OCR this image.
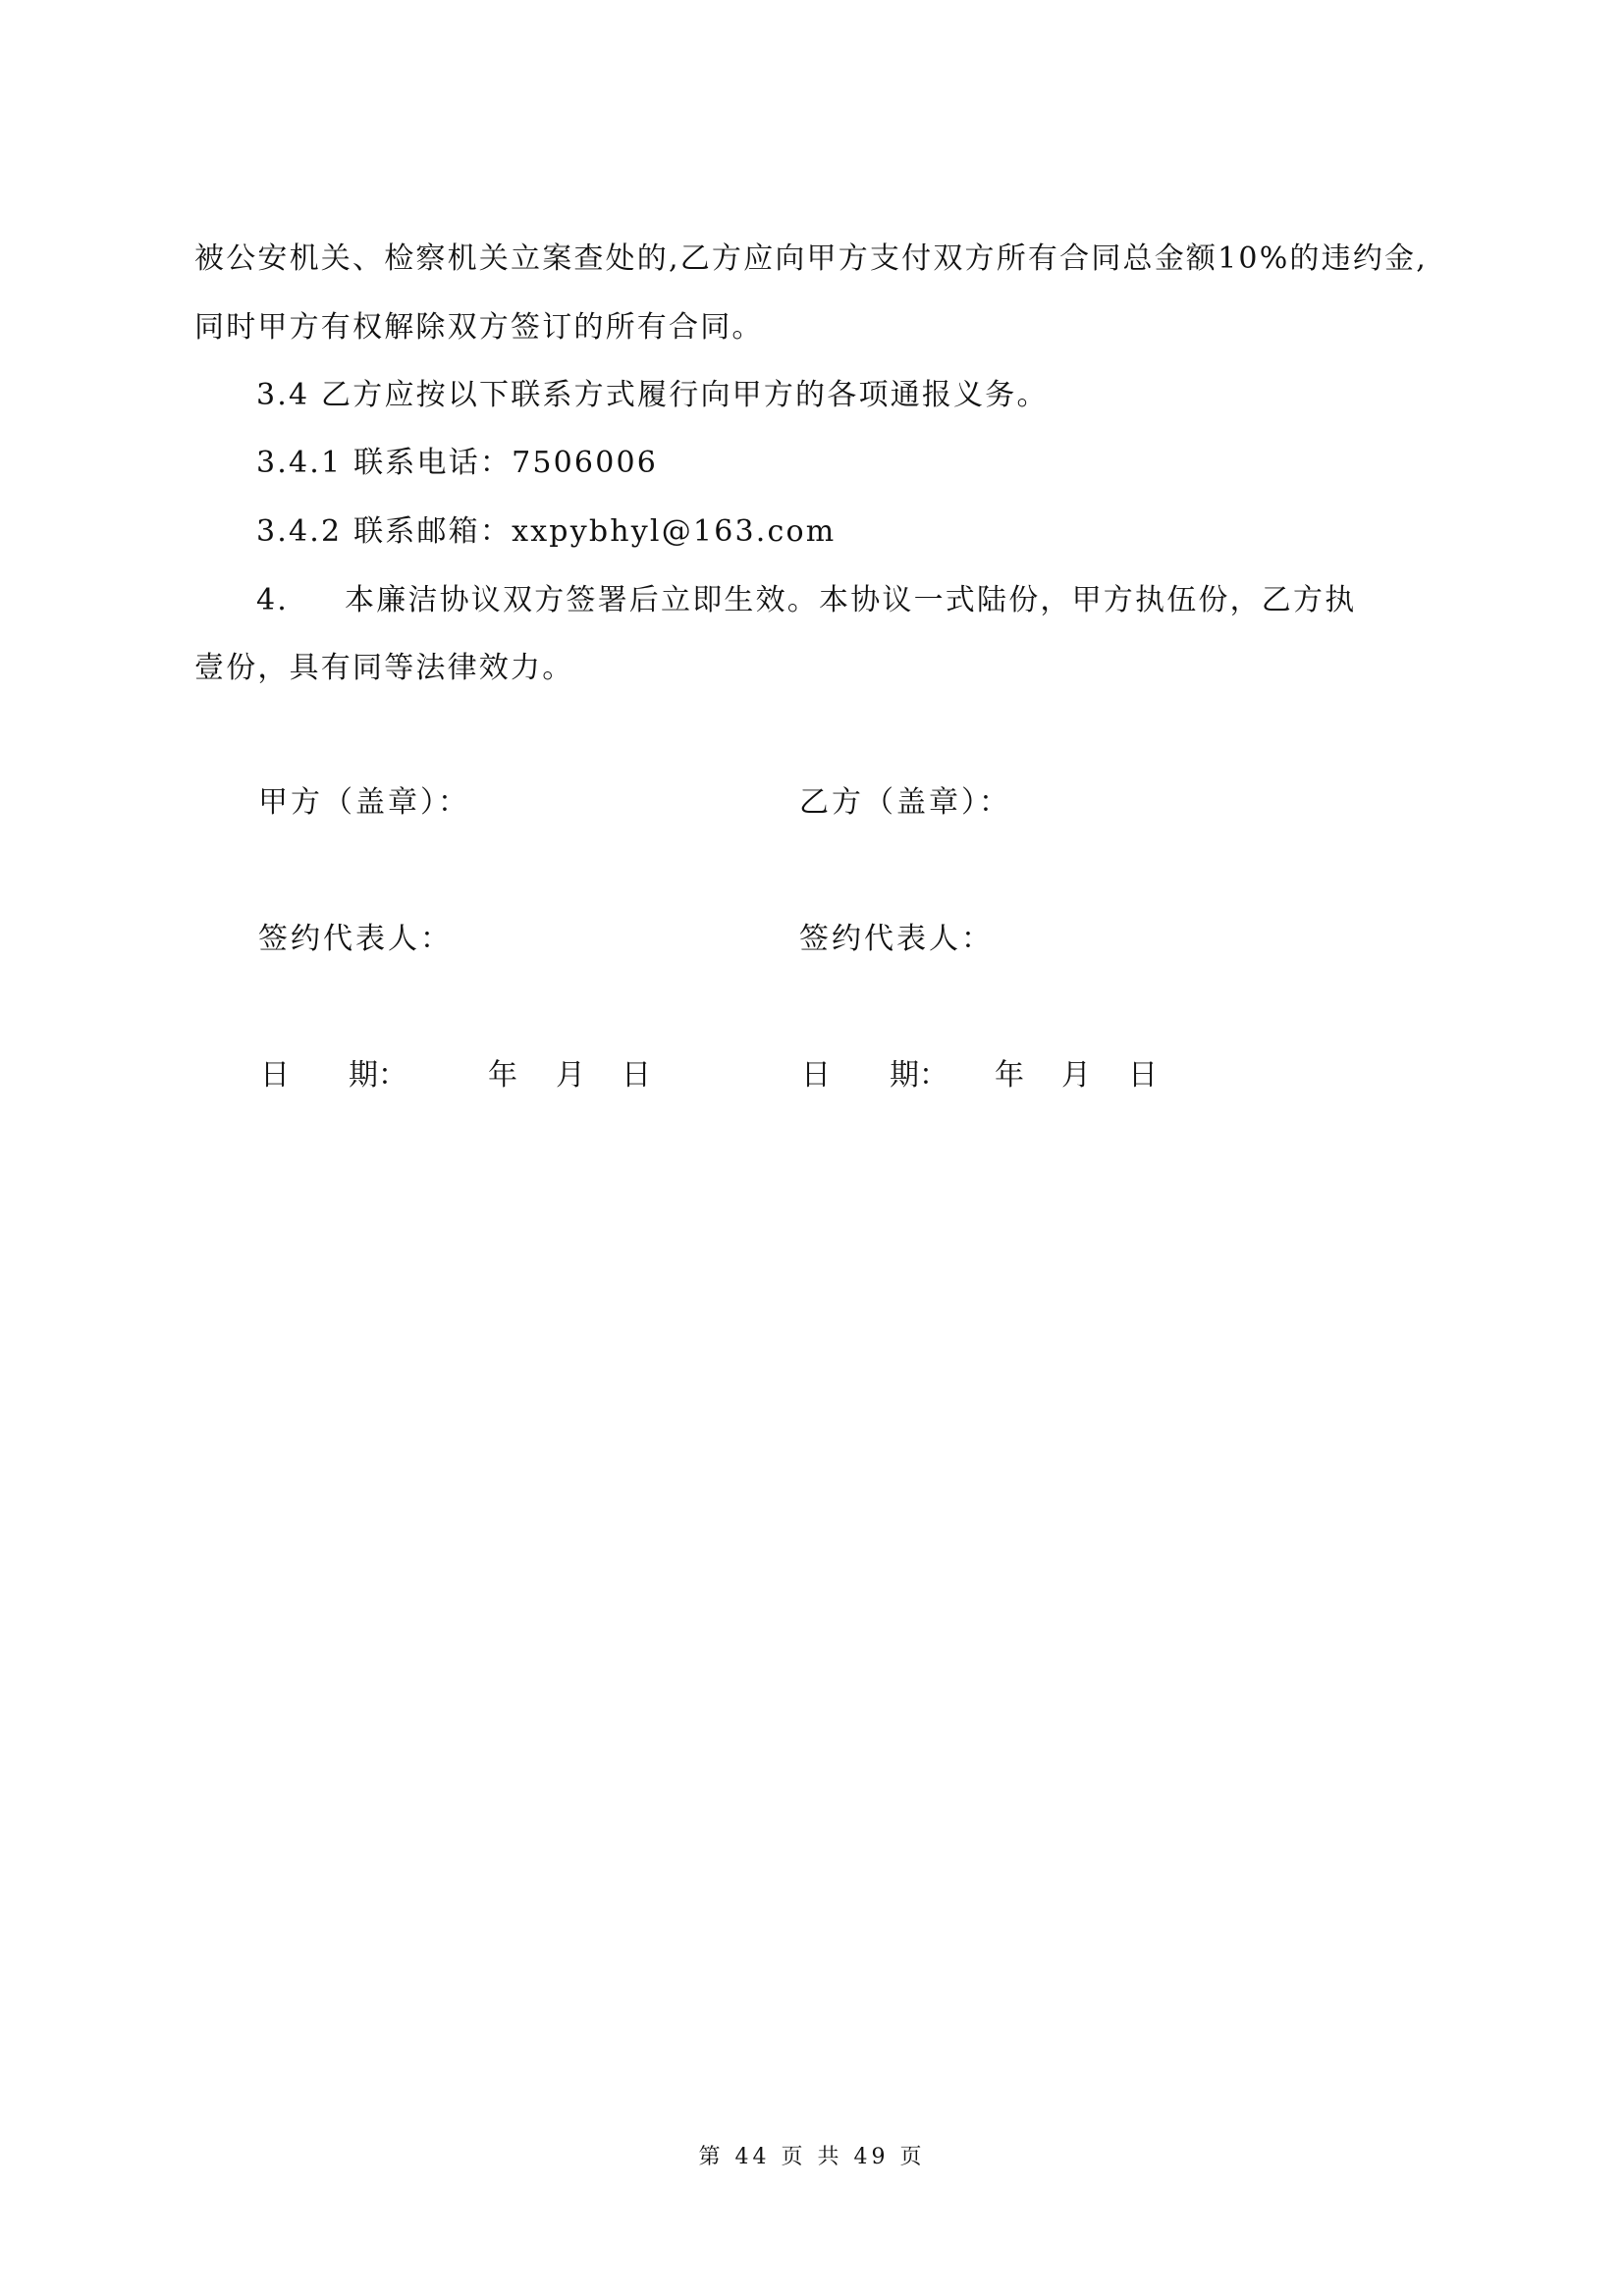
被公安机关、检察机关立案查处的,乙方应向甲方支付双方所有合同总金额10%的违约金,
同时甲方有权解除双方签订的所有合同。
3.4 乙方应按以下联系方式履行向甲方的各项通报义务。
3.4.1 联系电话：7506006
3.4.2 联系邮箱：xxpybhyl@163.com
4. 本廉洁协议双方签署后立即生效。本协议一式陆份，甲方执伍份，乙方执
壹份，具有同等法律效力。
甲方（盖章）：	乙方（盖章）：
签约代表人：	签约代表人：
日　　期：	年 月 日	日　　期： 年 月 日
第 44 页 共 49 页
